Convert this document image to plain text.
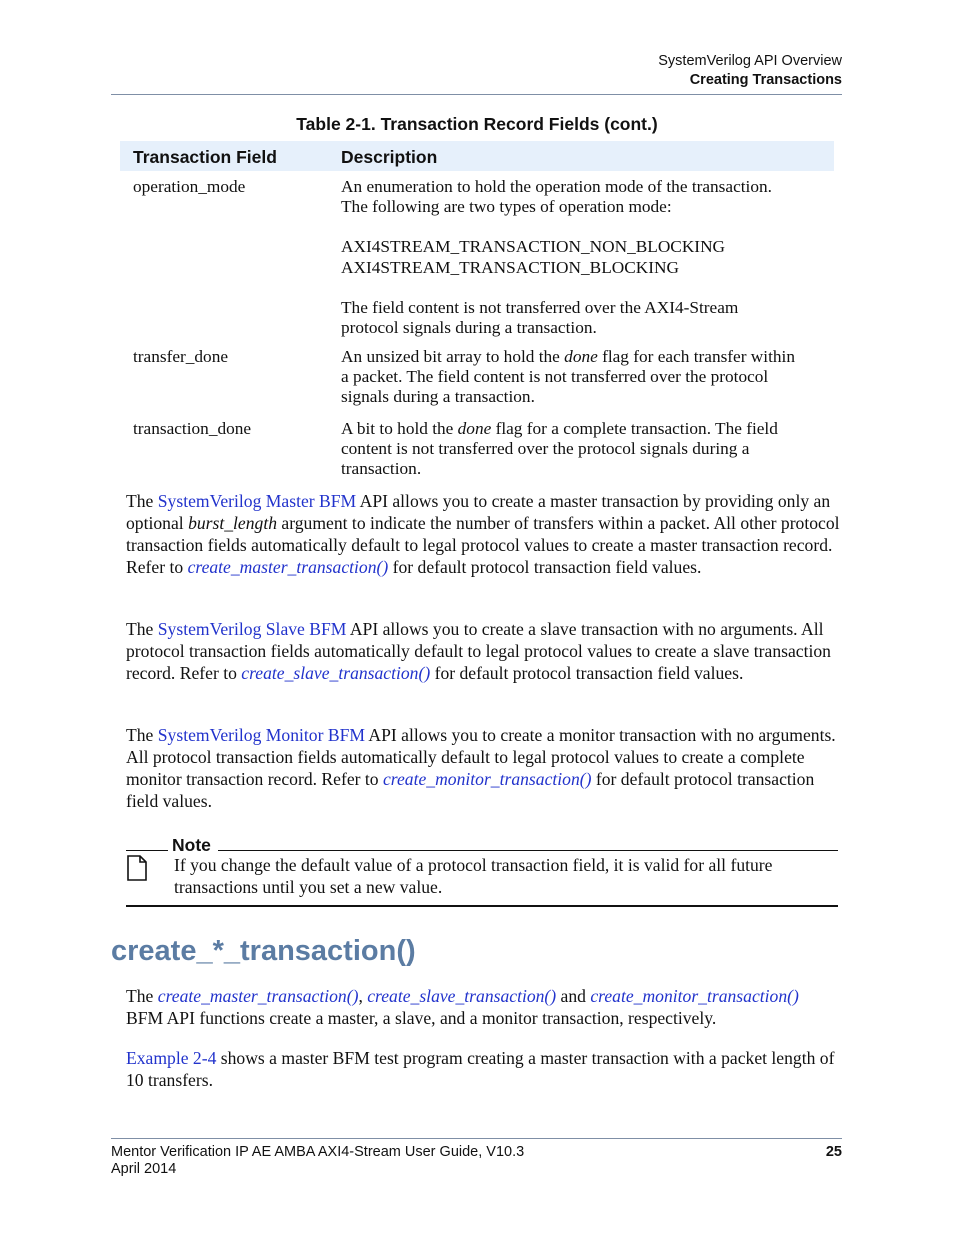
SystemVerilog API Overview
Creating Transactions
Table 2-1. Transaction Record Fields (cont.)
Transaction Field	Description
operation_mode	An enumeration to hold the operation mode of the transaction.
The following are two types of operation mode:
AXI4STREAM_TRANSACTION_NON_BLOCKING
AXI4STREAM_TRANSACTION_BLOCKING
The field content is not transferred over the AXI4-Stream
protocol signals during a transaction.
transfer_done	An unsized bit array to hold the done flag for each transfer within
a packet. The field content is not transferred over the protocol
signals during a transaction.
transaction_done	A bit to hold the done flag for a complete transaction. The field
content is not transferred over the protocol signals during a
transaction.
The SystemVerilog Master BFM API allows you to create a master transaction by providing only an optional burst_length argument to indicate the number of transfers within a packet. All other protocol transaction fields automatically default to legal protocol values to create a master transaction record. Refer to create_master_transaction() for default protocol transaction field values.
The SystemVerilog Slave BFM API allows you to create a slave transaction with no arguments. All protocol transaction fields automatically default to legal protocol values to create a slave transaction record. Refer to create_slave_transaction() for default protocol transaction field values.
The SystemVerilog Monitor BFM API allows you to create a monitor transaction with no arguments. All protocol transaction fields automatically default to legal protocol values to create a complete monitor transaction record. Refer to create_monitor_transaction() for default protocol transaction field values.
Note
If you change the default value of a protocol transaction field, it is valid for all future transactions until you set a new value.
create_*_transaction()
The create_master_transaction(), create_slave_transaction() and create_monitor_transaction() BFM API functions create a master, a slave, and a monitor transaction, respectively.
Example 2-4 shows a master BFM test program creating a master transaction with a packet length of 10 transfers.
Mentor Verification IP AE AMBA AXI4-Stream User Guide, V10.3
April 2014
25
